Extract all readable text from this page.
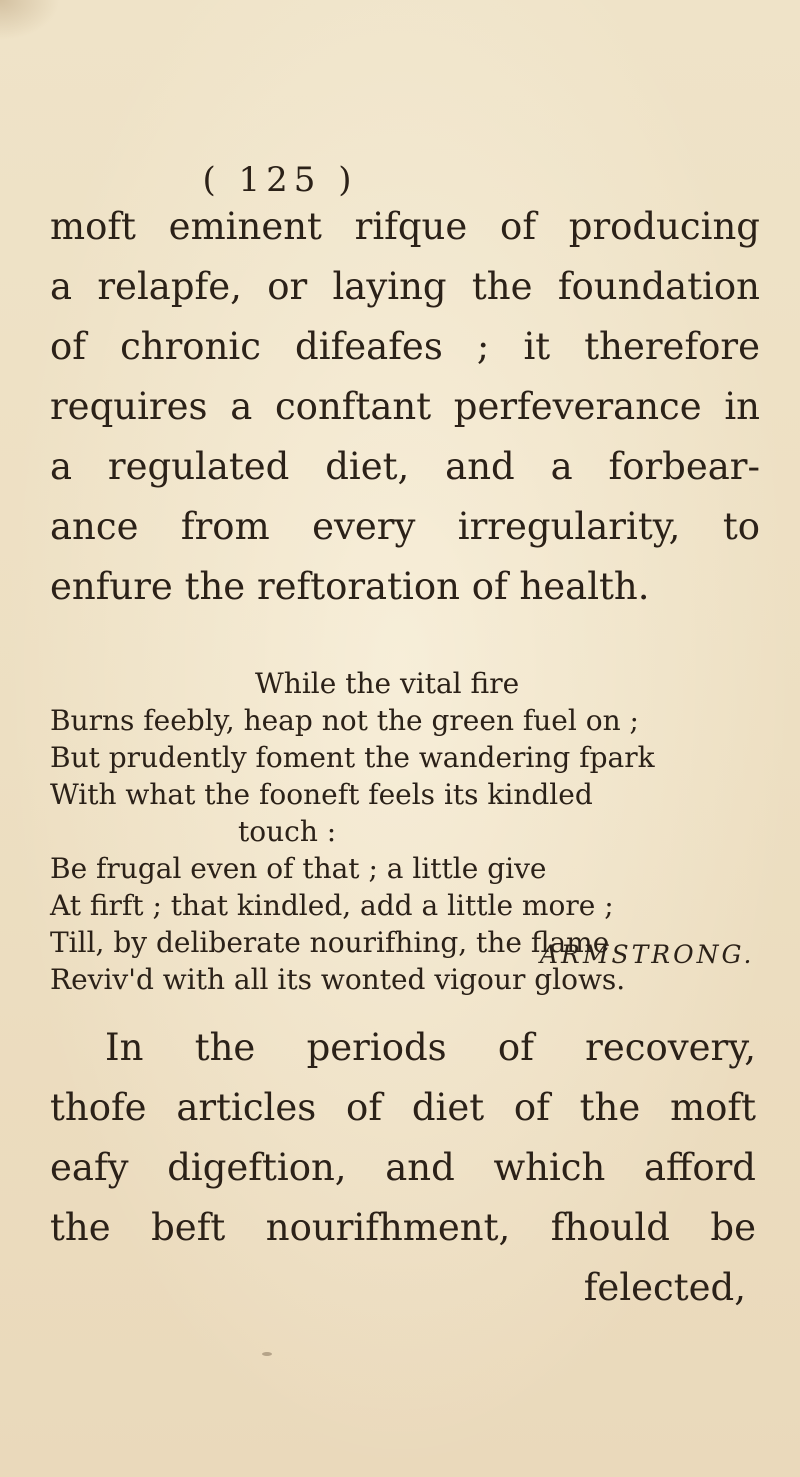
( 125 )
moft eminent rifque of producing
a relapfe, or laying the foundation
of chronic difeafes ; it therefore
requires a conftant perfeverance in
a regulated diet, and a forbear-
ance from every irregularity, to
enfure the reftoration of health.
While the vital fire
Burns feebly, heap not the green fuel on ;
But prudently foment the wandering fpark
With what the fooneft feels its kindled
touch :
Be frugal even of that ; a little give
At firft ; that kindled, add a little more ;
Till, by deliberate nourifhing, the flame
Reviv'd with all its wonted vigour glows.
ARMSTRONG.
In the periods of recovery,
thofe articles of diet of the moft
eafy digeftion, and which afford
the beft nourifhment, fhould be
felected,
